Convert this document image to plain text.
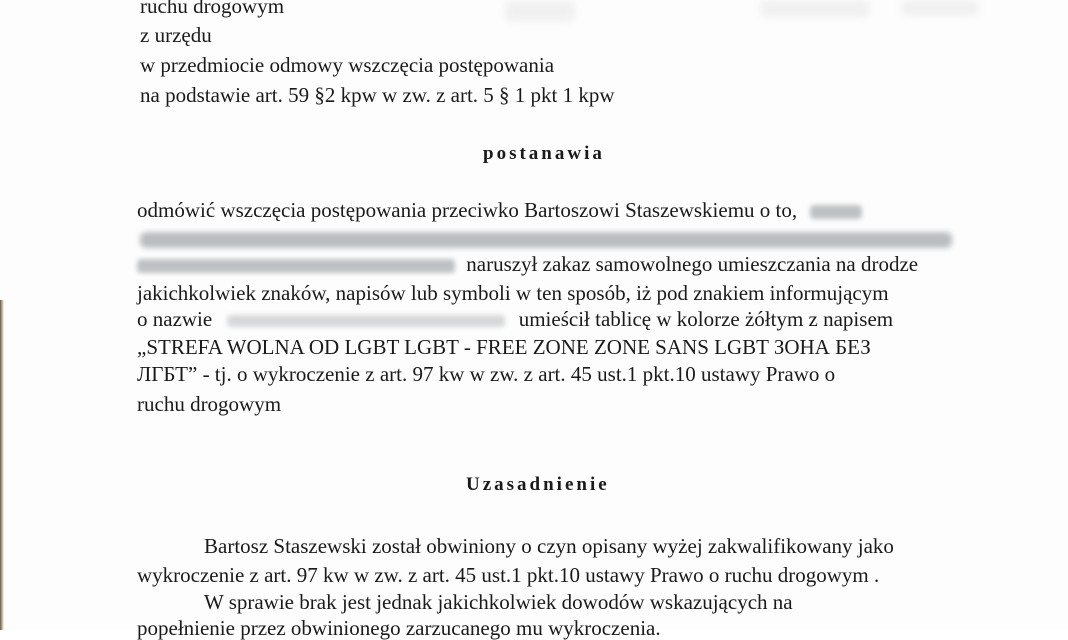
ruchu drogowym
z urzędu
w przedmiocie odmowy wszczęcia postępowania
na podstawie art. 59 §2 kpw w zw. z art. 5 § 1 pkt 1 kpw
postanawia
odmówić wszczęcia postępowania przeciwko Bartoszowi Staszewskiemu o to,
naruszył zakaz samowolnego umieszczania na drodze
jakichkolwiek znaków, napisów lub symboli w ten sposób, iż pod znakiem informującym
o nazwie	umieścił tablicę w kolorze żółtym z napisem
„STREFA WOLNA OD LGBT LGBT - FREE ZONE ZONE SANS LGBT ЗОНА БЕЗ
ЛГБТ” - tj. o wykroczenie z art. 97 kw w zw. z art. 45 ust.1 pkt.10 ustawy Prawo o
ruchu drogowym
Uzasadnienie
Bartosz Staszewski został obwiniony o czyn opisany wyżej zakwalifikowany jako
wykroczenie z art. 97 kw w zw. z art. 45 ust.1 pkt.10 ustawy Prawo o ruchu drogowym .
W sprawie brak jest jednak jakichkolwiek dowodów wskazujących na
popełnienie przez obwinionego zarzucanego mu wykroczenia.
